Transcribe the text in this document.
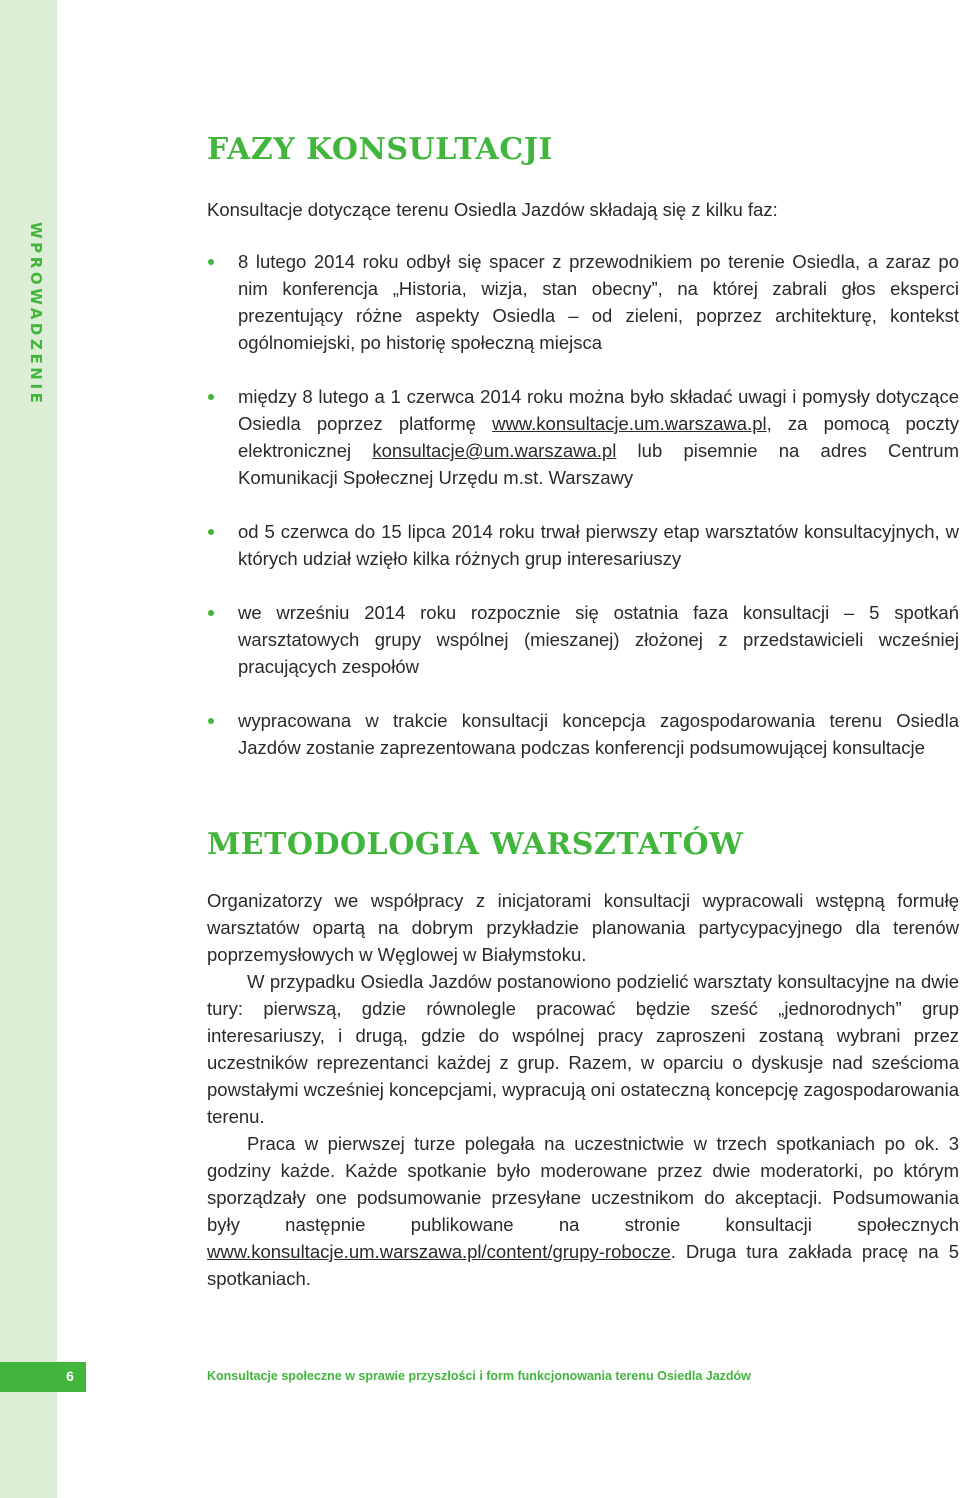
WPROWADZENIE
FAZY KONSULTACJI
Konsultacje dotyczące terenu Osiedla Jazdów składają się z kilku faz:
8 lutego 2014 roku odbył się spacer z przewodnikiem po terenie Osiedla, a zaraz po nim konferencja „Historia, wizja, stan obecny”, na której zabrali głos eksperci prezentujący różne aspekty Osiedla – od zieleni, poprzez architekturę, kontekst ogólnomiejski, po historię społeczną miejsca
między 8 lutego a 1 czerwca 2014 roku można było składać uwagi i pomysły dotyczące Osiedla poprzez platformę www.konsultacje.um.warszawa.pl, za pomocą poczty elektronicznej konsultacje@um.warszawa.pl lub pisemnie na adres Centrum Komunikacji Społecznej Urzędu m.st. Warszawy
od 5 czerwca do 15 lipca 2014 roku trwał pierwszy etap warsztatów konsultacyjnych, w których udział wzięło kilka różnych grup interesariuszy
we wrześniu 2014 roku rozpocznie się ostatnia faza konsultacji – 5 spotkań warsztatowych grupy wspólnej (mieszanej) złożonej z przedstawicieli wcześniej pracujących zespołów
wypracowana w trakcie konsultacji koncepcja zagospodarowania terenu Osiedla Jazdów zostanie zaprezentowana podczas konferencji podsumowującej konsultacje
METODOLOGIA WARSZTATÓW

Organizatorzy we współpracy z inicjatorami konsultacji wypracowali wstępną formułę warsztatów opartą na dobrym przykładzie planowania partycypacyjnego dla terenów poprzemysłowych w Węglowej w Białymstoku.

W przypadku Osiedla Jazdów postanowiono podzielić warsztaty konsultacyjne na dwie tury: pierwszą, gdzie równolegle pracować będzie sześć „jednorodnych” grup interesariuszy, i drugą, gdzie do wspólnej pracy zaproszeni zostaną wybrani przez uczestników reprezentanci każdej z grup. Razem, w oparciu o dyskusje nad sześcioma powstałymi wcześniej koncepcjami, wypracują oni ostateczną koncepcję zagospodarowania terenu.

Praca w pierwszej turze polegała na uczestnictwie w trzech spotkaniach po ok. 3 godziny każde. Każde spotkanie było moderowane przez dwie moderatorki, po którym sporządzały one podsumowanie przesyłane uczestnikom do akceptacji. Podsumowania były następnie publikowane na stronie konsultacji społecznych www.konsultacje.um.warszawa.pl/content/grupy-robocze. Druga tura zakłada pracę na 5 spotkaniach.

6	Konsultacje społeczne w sprawie przyszłości i form funkcjonowania terenu Osiedla Jazdów
